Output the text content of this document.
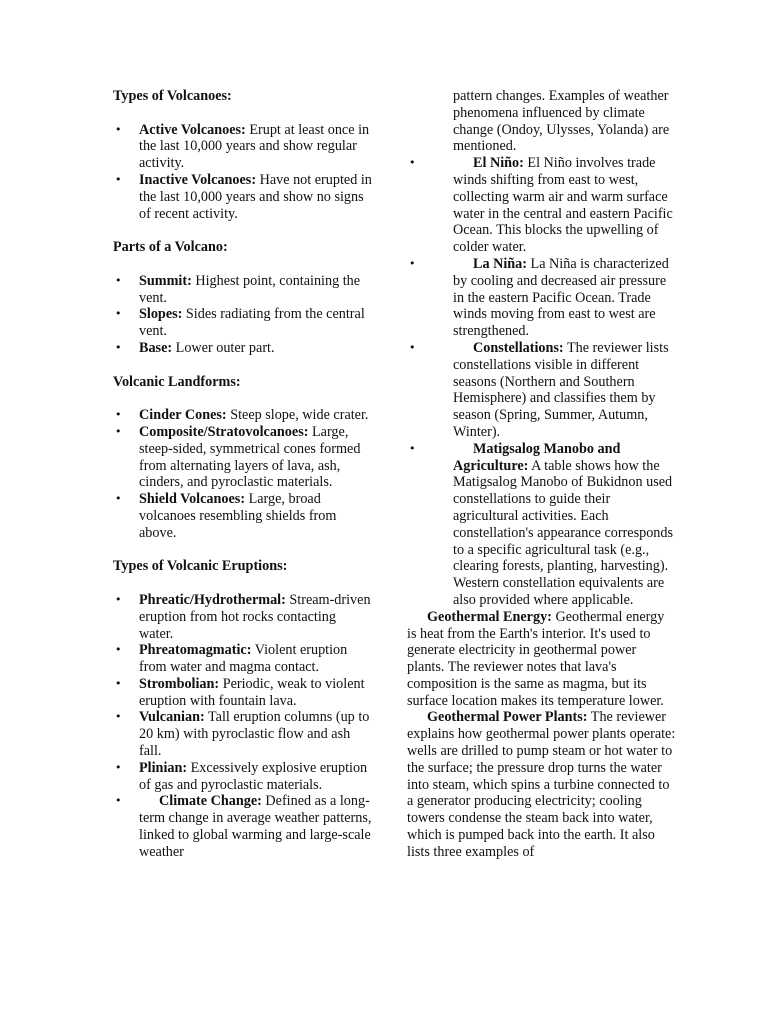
Types of Volcanoes:
• Active Volcanoes: Erupt at least once in the last 10,000 years and show regular activity.
• Inactive Volcanoes: Have not erupted in the last 10,000 years and show no signs of recent activity.
Parts of a Volcano:
• Summit: Highest point, containing the vent.
• Slopes: Sides radiating from the central vent.
• Base: Lower outer part.
Volcanic Landforms:
• Cinder Cones: Steep slope, wide crater.
• Composite/Stratovolcanoes: Large, steep-sided, symmetrical cones formed from alternating layers of lava, ash, cinders, and pyroclastic materials.
• Shield Volcanoes: Large, broad volcanoes resembling shields from above.
Types of Volcanic Eruptions:
• Phreatic/Hydrothermal: Stream-driven eruption from hot rocks contacting water.
• Phreatomagmatic: Violent eruption from water and magma contact.
• Strombolian: Periodic, weak to violent eruption with fountain lava.
• Vulcanian: Tall eruption columns (up to 20 km) with pyroclastic flow and ash fall.
• Plinian: Excessively explosive eruption of gas and pyroclastic materials.
• Climate Change: Defined as a long-term change in average weather patterns, linked to global warming and large-scale weather
pattern changes. Examples of weather phenomena influenced by climate change (Ondoy, Ulysses, Yolanda) are mentioned.
• El Niño: El Niño involves trade winds shifting from east to west, collecting warm air and warm surface water in the central and eastern Pacific Ocean. This blocks the upwelling of colder water.
• La Niña: La Niña is characterized by cooling and decreased air pressure in the eastern Pacific Ocean. Trade winds moving from east to west are strengthened.
• Constellations: The reviewer lists constellations visible in different seasons (Northern and Southern Hemisphere) and classifies them by season (Spring, Summer, Autumn, Winter).
• Matigsalog Manobo and Agriculture: A table shows how the Matigsalog Manobo of Bukidnon used constellations to guide their agricultural activities. Each constellation's appearance corresponds to a specific agricultural task (e.g., clearing forests, planting, harvesting). Western constellation equivalents are also provided where applicable.

Geothermal Energy: Geothermal energy is heat from the Earth's interior. It's used to generate electricity in geothermal power plants. The reviewer notes that lava's composition is the same as magma, but its surface location makes its temperature lower.

Geothermal Power Plants: The reviewer explains how geothermal power plants operate: wells are drilled to pump steam or hot water to the surface; the pressure drop turns the water into steam, which spins a turbine connected to a generator producing electricity; cooling towers condense the steam back into water, which is pumped back into the earth. It also lists three examples of
